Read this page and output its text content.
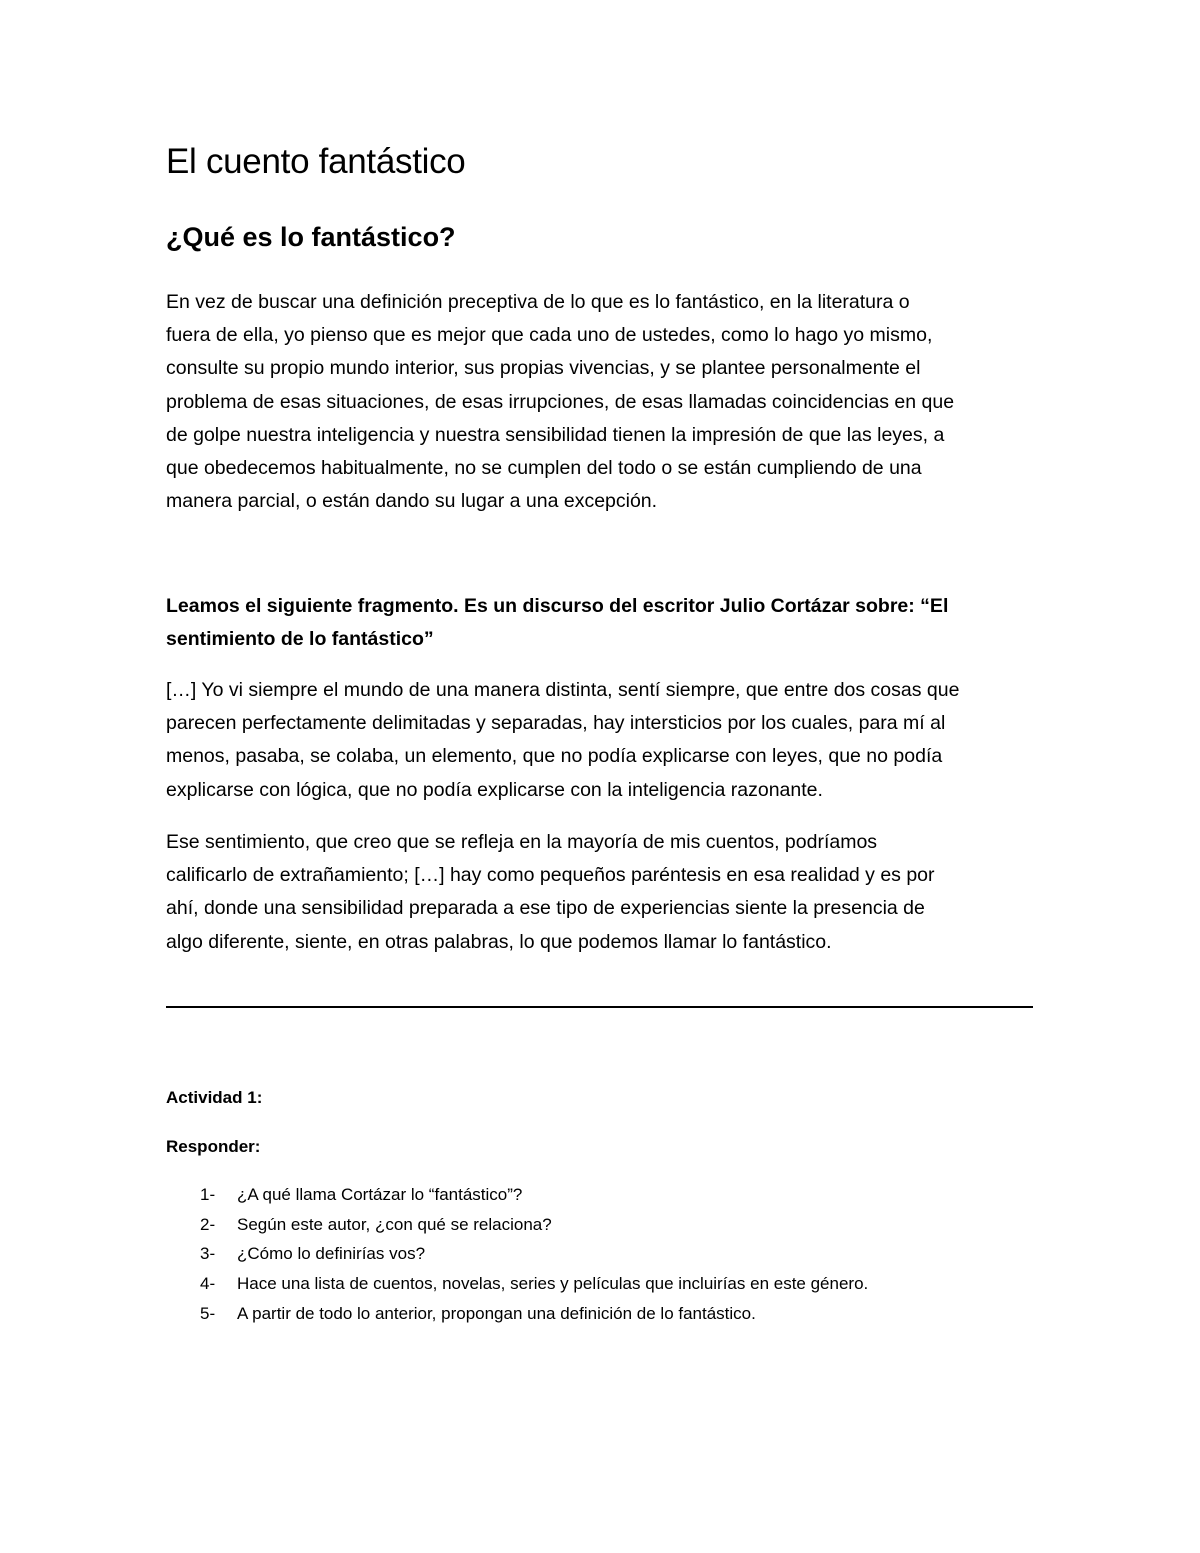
El cuento fantástico
¿Qué es lo fantástico?

En vez de buscar una definición preceptiva de lo que es lo fantástico, en la literatura o
fuera de ella, yo pienso que es mejor que cada uno de ustedes, como lo hago yo mismo,
consulte su propio mundo interior, sus propias vivencias, y se plantee personalmente el
problema de esas situaciones, de esas irrupciones, de esas llamadas coincidencias en que
de golpe nuestra inteligencia y nuestra sensibilidad tienen la impresión de que las leyes, a
que obedecemos habitualmente, no se cumplen del todo o se están cumpliendo de una
manera parcial, o están dando su lugar a una excepción.

Leamos el siguiente fragmento. Es un discurso del escritor Julio Cortázar sobre: “El
sentimiento de lo fantástico”

[…] Yo vi siempre el mundo de una manera distinta, sentí siempre, que entre dos cosas que
parecen perfectamente delimitadas y separadas, hay intersticios por los cuales, para mí al
menos, pasaba, se colaba, un elemento, que no podía explicarse con leyes, que no podía
explicarse con lógica, que no podía explicarse con la inteligencia razonante.

Ese sentimiento, que creo que se refleja en la mayoría de mis cuentos, podríamos
calificarlo de extrañamiento; […] hay como pequeños paréntesis en esa realidad y es por
ahí, donde una sensibilidad preparada a ese tipo de experiencias siente la presencia de
algo diferente, siente, en otras palabras, lo que podemos llamar lo fantástico.

Actividad 1:

Responder:

1- ¿A qué llama Cortázar lo “fantástico”?
2- Según este autor, ¿con qué se relaciona?
3- ¿Cómo lo definirías vos?
4- Hace una lista de cuentos, novelas, series y películas que incluirías en este género.
5- A partir de todo lo anterior, propongan una definición de lo fantástico.
